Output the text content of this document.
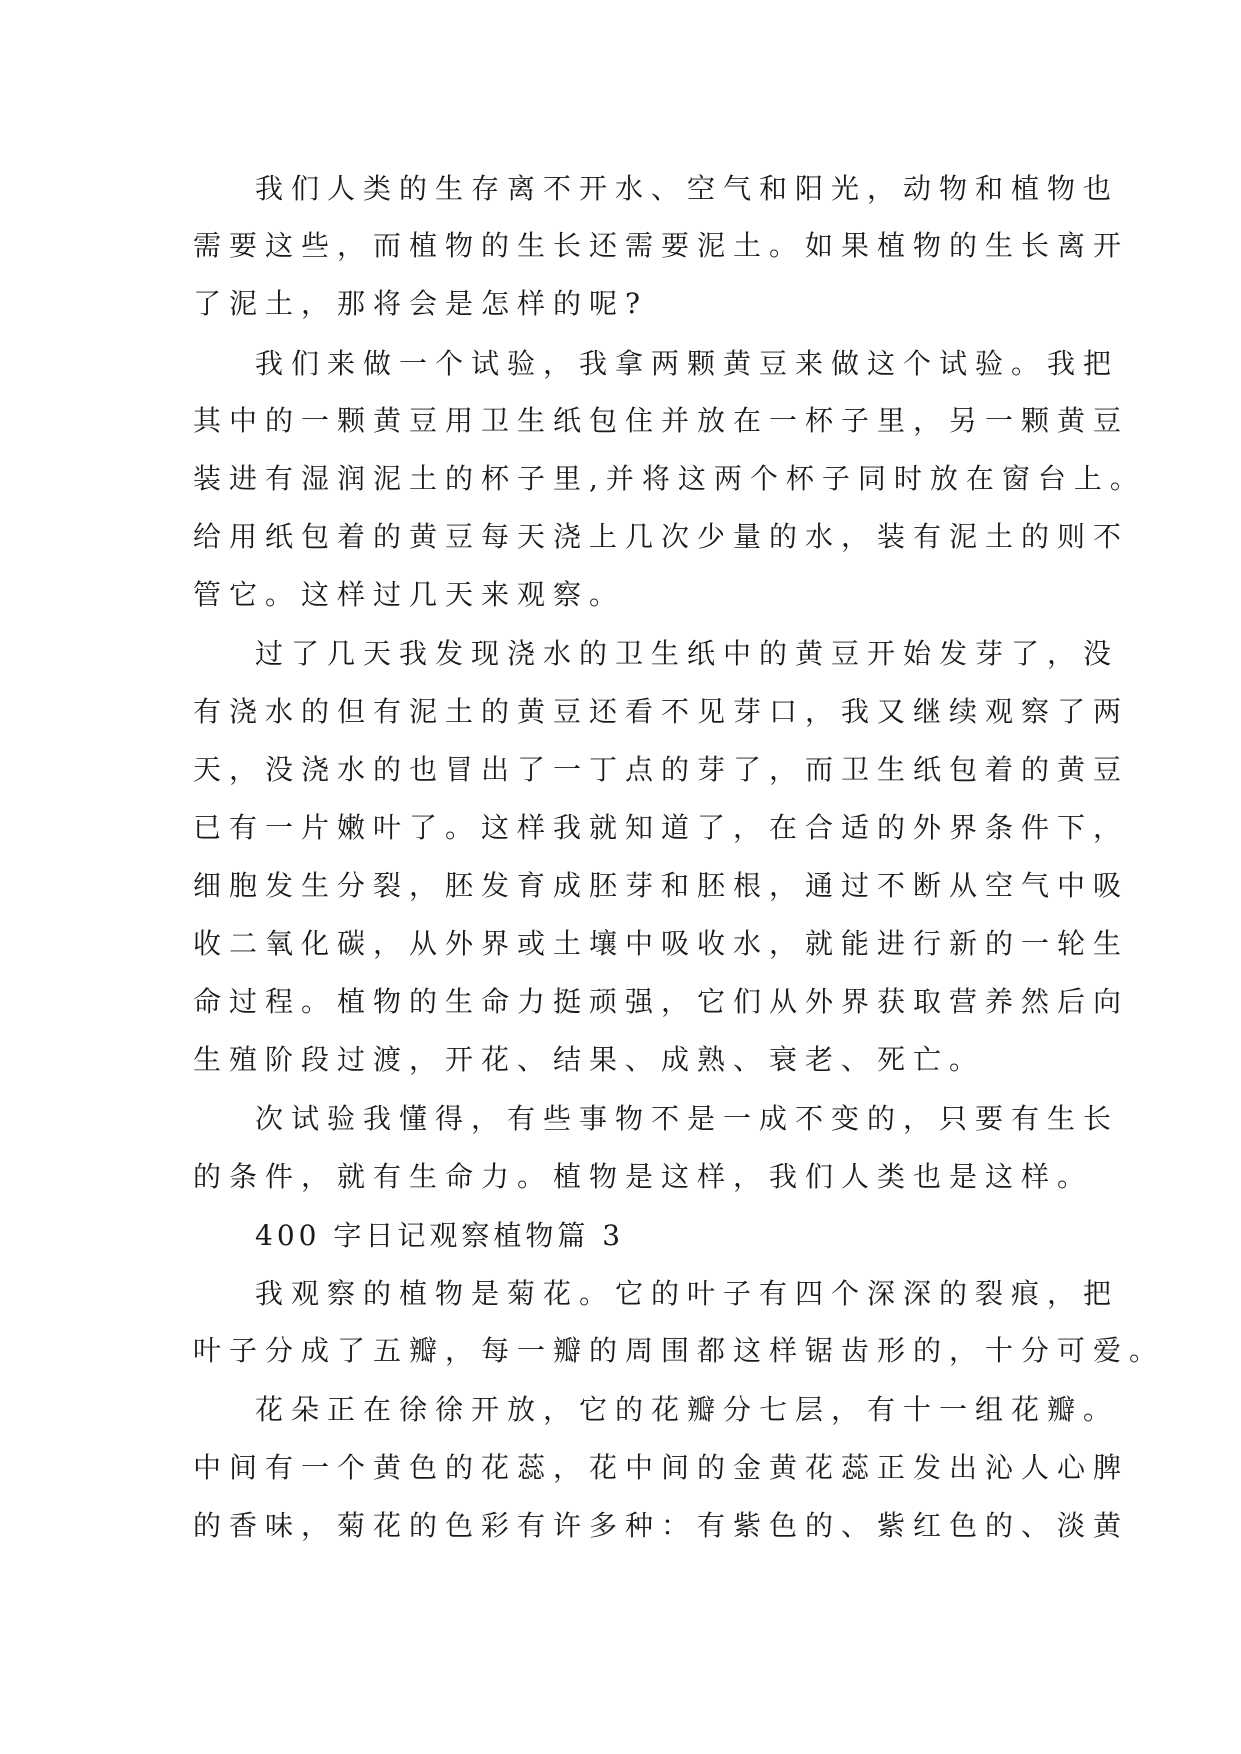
我们人类的生存离不开水、空气和阳光，动物和植物也
需要这些，而植物的生长还需要泥土。如果植物的生长离开
了泥土，那将会是怎样的呢?
我们来做一个试验，我拿两颗黄豆来做这个试验。我把
其中的一颗黄豆用卫生纸包住并放在一杯子里，另一颗黄豆
装进有湿润泥土的杯子里,并将这两个杯子同时放在窗台上。
给用纸包着的黄豆每天浇上几次少量的水，装有泥土的则不
管它。这样过几天来观察。
过了几天我发现浇水的卫生纸中的黄豆开始发芽了，没
有浇水的但有泥土的黄豆还看不见芽口，我又继续观察了两
天，没浇水的也冒出了一丁点的芽了，而卫生纸包着的黄豆
已有一片嫩叶了。这样我就知道了，在合适的外界条件下，
细胞发生分裂，胚发育成胚芽和胚根，通过不断从空气中吸
收二氧化碳，从外界或土壤中吸收水，就能进行新的一轮生
命过程。植物的生命力挺顽强，它们从外界获取营养然后向
生殖阶段过渡，开花、结果、成熟、衰老、死亡。
次试验我懂得，有些事物不是一成不变的，只要有生长
的条件，就有生命力。植物是这样，我们人类也是这样。
400 字日记观察植物篇 3
我观察的植物是菊花。它的叶子有四个深深的裂痕，把
叶子分成了五瓣，每一瓣的周围都这样锯齿形的，十分可爱。
花朵正在徐徐开放，它的花瓣分七层，有十一组花瓣。
中间有一个黄色的花蕊，花中间的金黄花蕊正发出沁人心脾
的香味，菊花的色彩有许多种：有紫色的、紫红色的、淡黄
